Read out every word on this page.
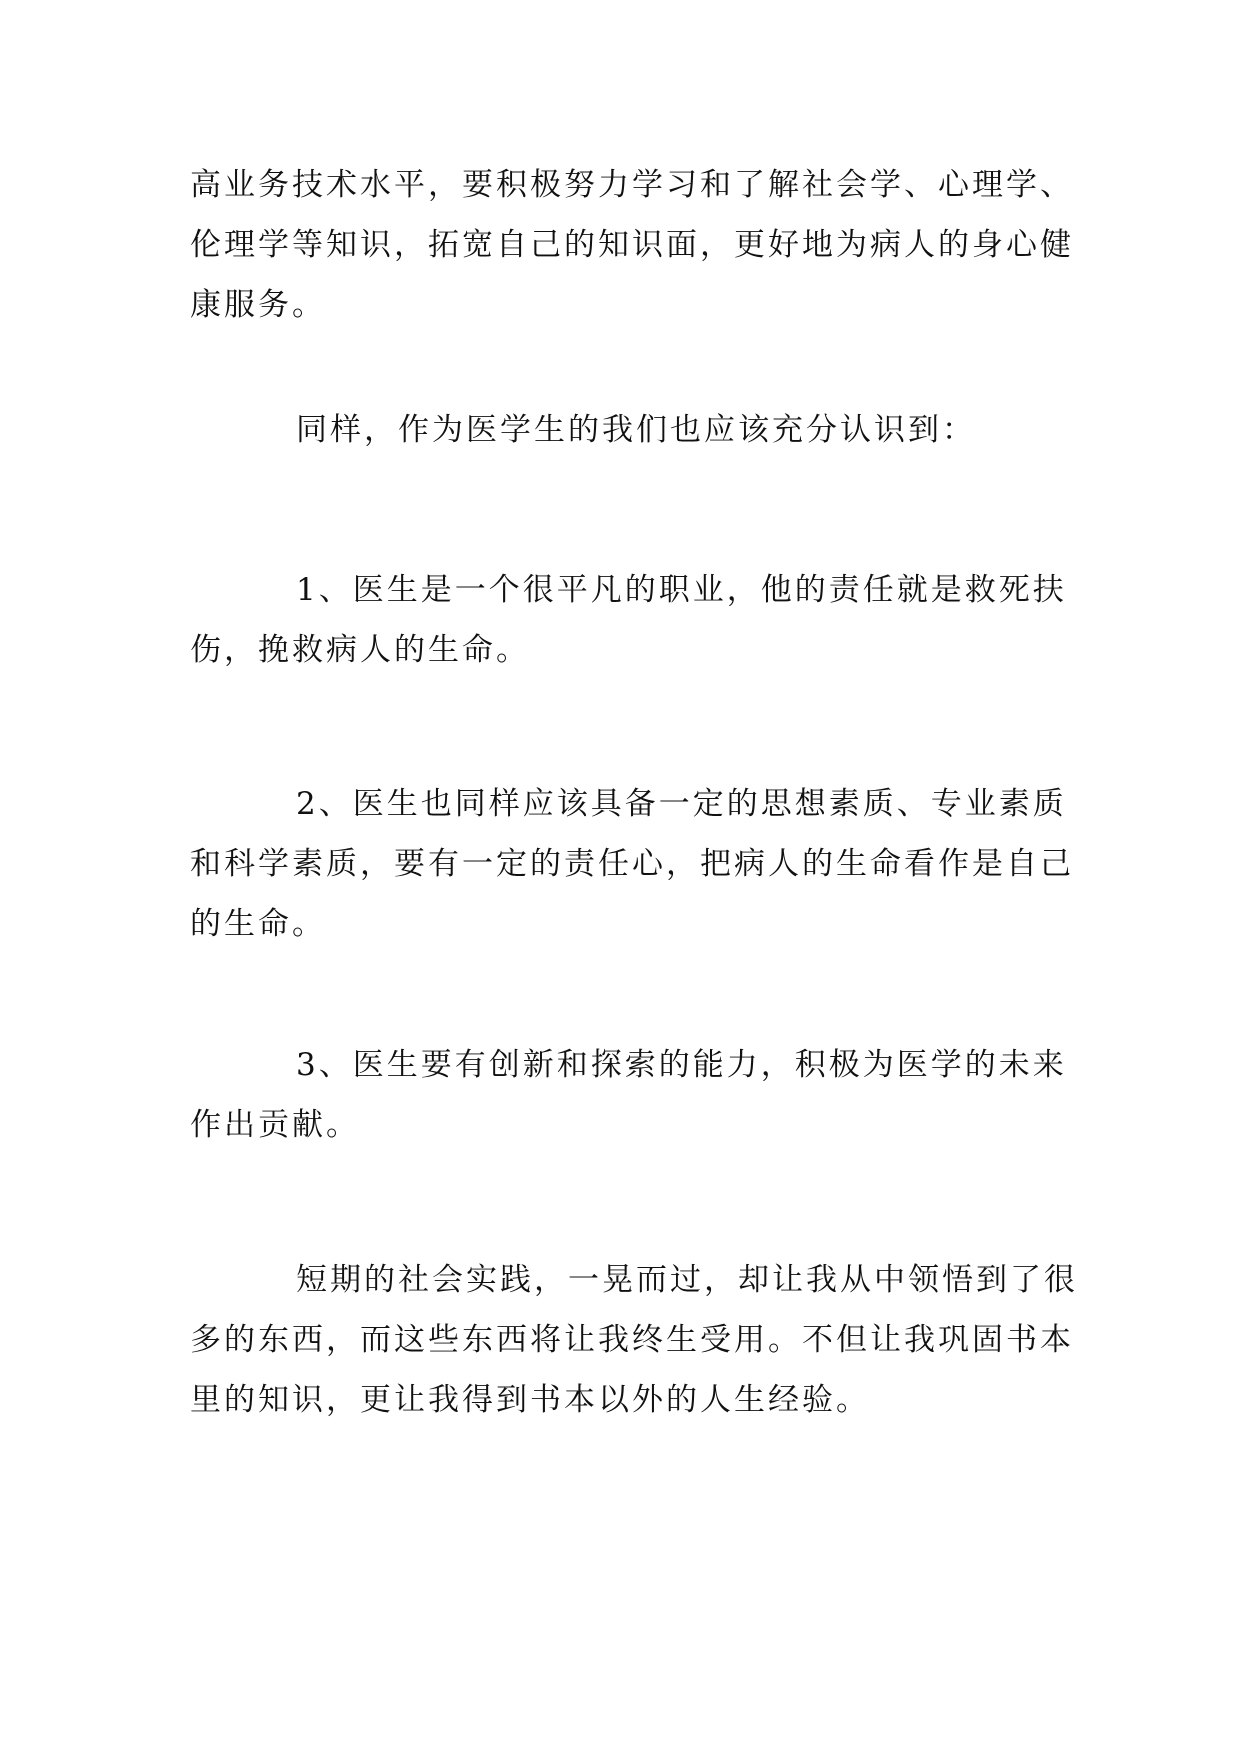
高业务技术水平，要积极努力学习和了解社会学、心理学、
伦理学等知识，拓宽自己的知识面，更好地为病人的身心健
康服务。

同样，作为医学生的我们也应该充分认识到：

1、医生是一个很平凡的职业，他的责任就是救死扶
伤，挽救病人的生命。

2、医生也同样应该具备一定的思想素质、专业素质
和科学素质，要有一定的责任心，把病人的生命看作是自己
的生命。

3、医生要有创新和探索的能力，积极为医学的未来
作出贡献。

短期的社会实践，一晃而过，却让我从中领悟到了很
多的东西，而这些东西将让我终生受用。不但让我巩固书本
里的知识，更让我得到书本以外的人生经验。
